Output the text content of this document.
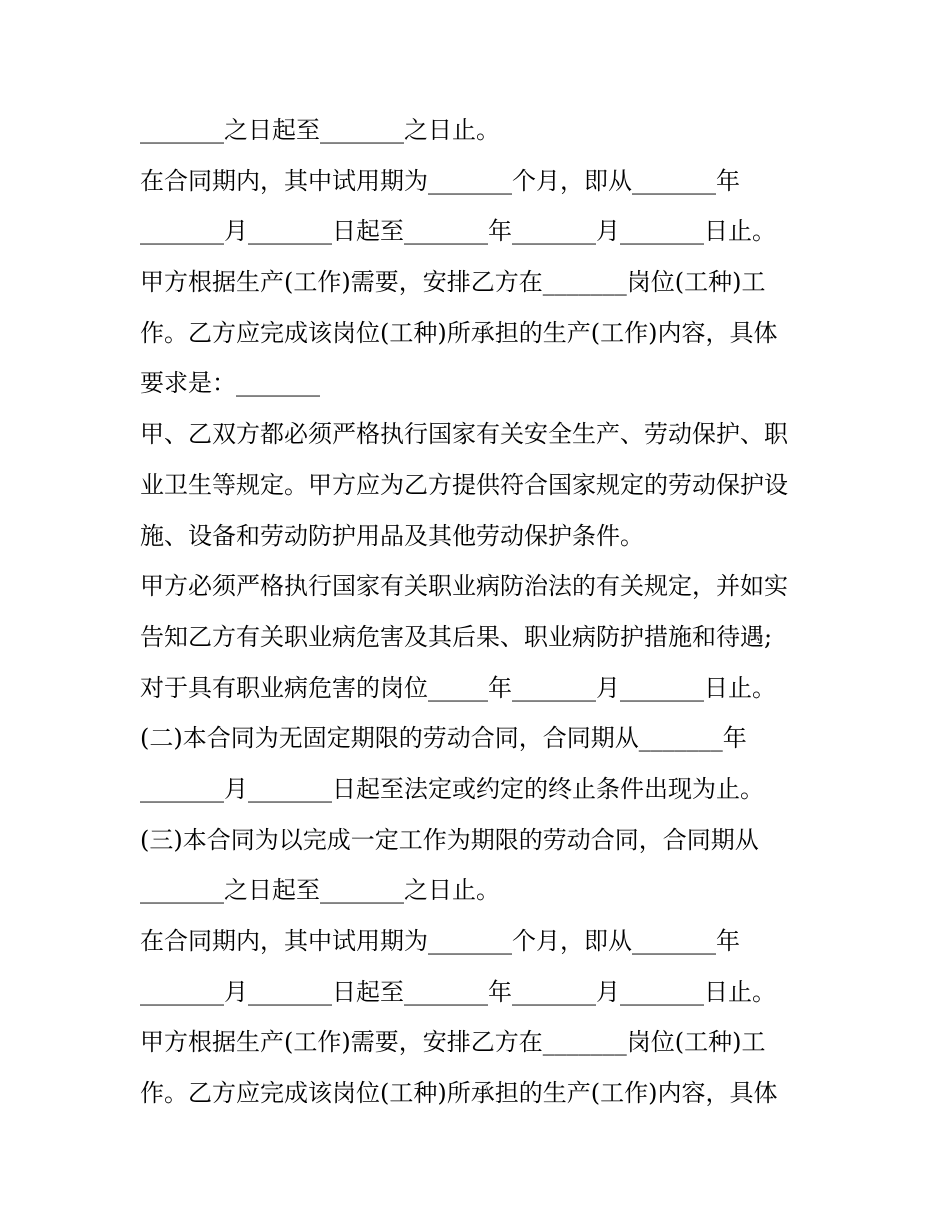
_______之日起至_______之日止。
在合同期内，其中试用期为_______个月，即从_______年
_______月_______日起至_______年_______月_______日止。
甲方根据生产(工作)需要，安排乙方在_______岗位(工种)工
作。乙方应完成该岗位(工种)所承担的生产(工作)内容，具体
要求是：_______
甲、乙双方都必须严格执行国家有关安全生产、劳动保护、职
业卫生等规定。甲方应为乙方提供符合国家规定的劳动保护设
施、设备和劳动防护用品及其他劳动保护条件。
甲方必须严格执行国家有关职业病防治法的有关规定，并如实
告知乙方有关职业病危害及其后果、职业病防护措施和待遇;
对于具有职业病危害的岗位_____年_______月_______日止。
(二)本合同为无固定期限的劳动合同，合同期从_______年
_______月_______日起至法定或约定的终止条件出现为止。
(三)本合同为以完成一定工作为期限的劳动合同，合同期从
_______之日起至_______之日止。
在合同期内，其中试用期为_______个月，即从_______年
_______月_______日起至_______年_______月_______日止。
甲方根据生产(工作)需要，安排乙方在_______岗位(工种)工
作。乙方应完成该岗位(工种)所承担的生产(工作)内容，具体
